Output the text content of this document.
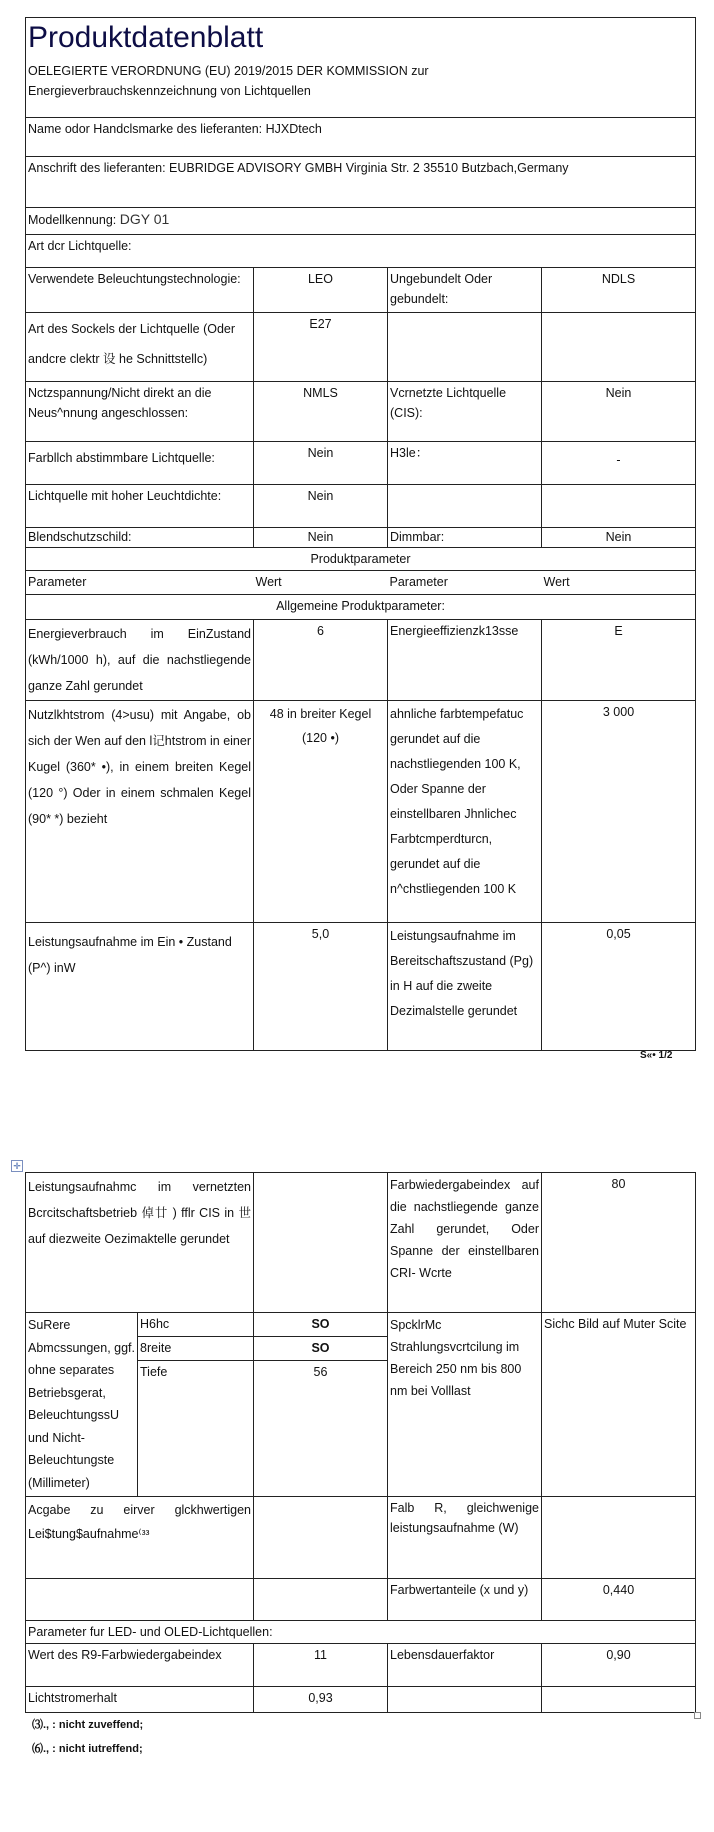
Produktdatenblatt
OELEGIERTE VERORDNUNG (EU) 2019/2015 DER KOMMISSION zur
Energieverbrauchskennzeichnung von Lichtquellen			

Name odor Handclsmarke des lieferanten: HJXDtech			
Anschrift des lieferanten: EUBRIDGE ADVISORY GMBH Virginia Str. 2 35510 Butzbach,Germany			
Modellkennung: DGY 01			
Art dcr Lichtquelle:			
Verwendete Beleuchtungstechnologie:	LEO	Ungebundelt Oder gebundelt:	NDLS
Art des Sockels der Lichtquelle (Oder andcre clektr 设 he Schnittstellc)	E27		
Nctzspannung/Nicht direkt an die Neus^nnung angeschlossen:	NMLS	Vcrnetzte Lichtquelle (CIS):	Nein
Farbllch abstimmbare Lichtquelle:	Nein	H3le：	-
Lichtquelle mit hoher Leuchtdichte:	Nein		
Blendschutzschild:	Nein	Dimmbar:	Nein
Produktparameter			
Parameter	Wert	Parameter	Wert
Allgemeine Produktparameter:			
Energieverbrauch im EinZustand (kWh/1000 h), auf die nachstliegende ganze Zahl gerundet	6	Energieeffizienzk13sse	E
Nutzlkhtstrom (4>usu) mit Angabe, ob sich der Wen auf den l记htstrom in einer Kugel (360* •), in einem breiten Kegel (120 °) Oder in einem schmalen Kegel (90* *) bezieht	48 in breiter Kegel (120 •)	ahnliche farbtempefatuc gerundet auf die nachstliegenden 100 K, Oder Spanne der einstellbaren Jhnlichec Farbtcmperdturcn, gerundet auf die n^chstliegenden 100 K	3 000
Leistungsaufnahme im Ein • Zustand (P^) inW	5,0	Leistungsaufnahme im Bereitschaftszustand (Pg) in H auf die zweite Dezimalstelle gerundet	0,05
S«• 1/2
✛
Leistungsaufnahmc im vernetzten Bcrcitschaftsbetrieb 倬廿 ) fflr CIS in 世 auf diezweite Oezimaktelle gerundet			Farbwiedergabeindex auf die nachstliegende ganze Zahl gerundet, Oder Spanne der einstellbaren CRI- Wcrte	80
SuRere Abmcssungen, ggf. ohne separates Betriebsgerat, BeleuchtungssU und Nicht-Beleuchtungste (Millimeter)	H6hc	SO	SpcklrMc Strahlungsvcrtcilung im Bereich 250 nm bis 800 nm bei Volllast	Sichc Bild auf Muter Scite
	8reite	SO		
	Tiefe	56		
Acgabe zu eirver glckhwertigen Lei$tung$aufnahme⁽ᵌᵌ			Falb R, gleichwenige leistungsaufnahme (W)	
			Farbwertanteile (x und y)	0,440
Parameter fur LED- und OLED-Lichtquellen:				
Wert des R9-Farbwiedergabeindex		11	Lebensdauerfaktor	0,90
Lichtstromerhalt		0,93		
⑶., : nicht zuveffend;
⑹., : nicht iutreffend;
